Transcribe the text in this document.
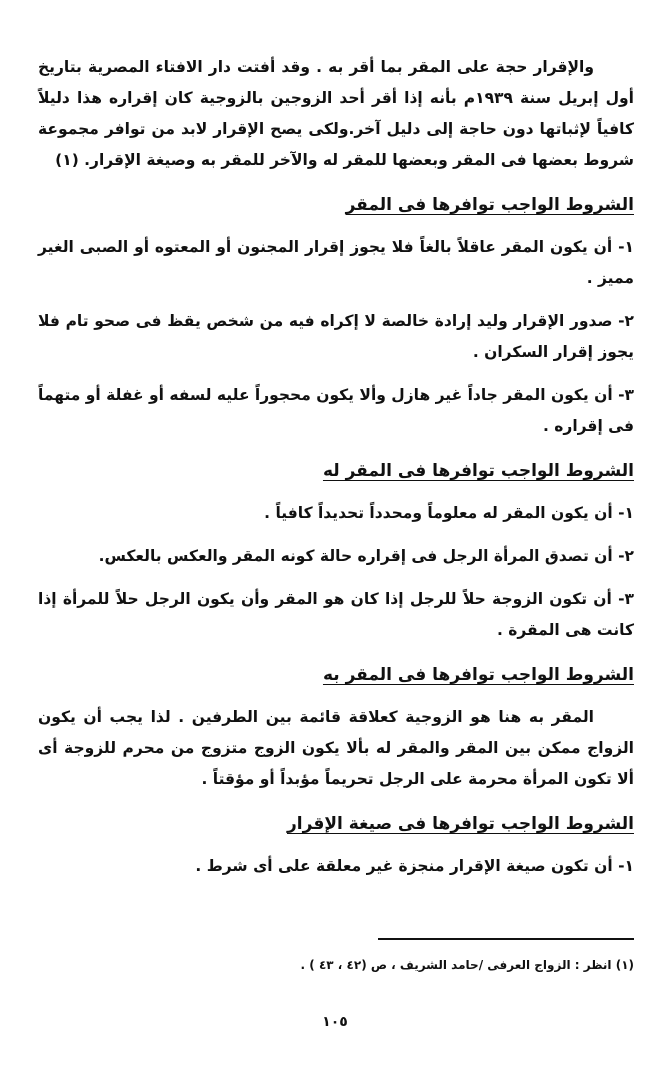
والإقرار حجة على المقر بما أقر به . وقد أفتت دار الافتاء المصرية بتاريخ أول إبريل سنة ١٩٣٩م بأنه إذا أقر أحد الزوجين بالزوجية كان إقراره هذا دليلاً كافياً لإثباتها دون حاجة إلى دليل آخر.ولكى يصح الإقرار لابد من توافر مجموعة شروط بعضها فى المقر وبعضها للمقر له والآخر للمقر به وصيغة الإقرار. (١)

الشروط الواجب توافرها فى المقر

١- أن يكون المقر عاقلاً بالغاً فلا يجوز إقرار المجنون أو المعتوه أو الصبى الغير مميز .

٢- صدور الإقرار وليد إرادة خالصة لا إكراه فيه من شخص يقظ فى صحو تام فلا يجوز إقرار السكران .

٣- أن يكون المقر جاداً غير هازل وألا يكون محجوراً عليه لسفه أو غفلة أو متهماً فى إقراره .

الشروط الواجب توافرها فى المقر له

١- أن يكون المقر له معلوماً ومحدداً تحديداً كافياً .

٢- أن تصدق المرأة الرجل فى إقراره حالة كونه المقر والعكس بالعكس.

٣- أن تكون الزوجة حلاً للرجل إذا كان هو المقر وأن يكون الرجل حلاً للمرأة إذا كانت هى المقرة .

الشروط الواجب توافرها فى المقر به

المقر به هنا هو الزوجية كعلاقة قائمة بين الطرفين . لذا يجب أن يكون الزواج ممكن بين المقر والمقر له بألا يكون الزوج متزوج من محرم للزوجة أى ألا تكون المرأة محرمة على الرجل تحريماً مؤبداً أو مؤقتاً .

الشروط الواجب توافرها فى صيغة الإقرار

١- أن تكون صيغة الإقرار منجزة غير معلقة على أى شرط .

(١) انظر : الزواج العرفى /حامد الشريف ، ص (٤٢ ، ٤٣ ) .

١٠٥
